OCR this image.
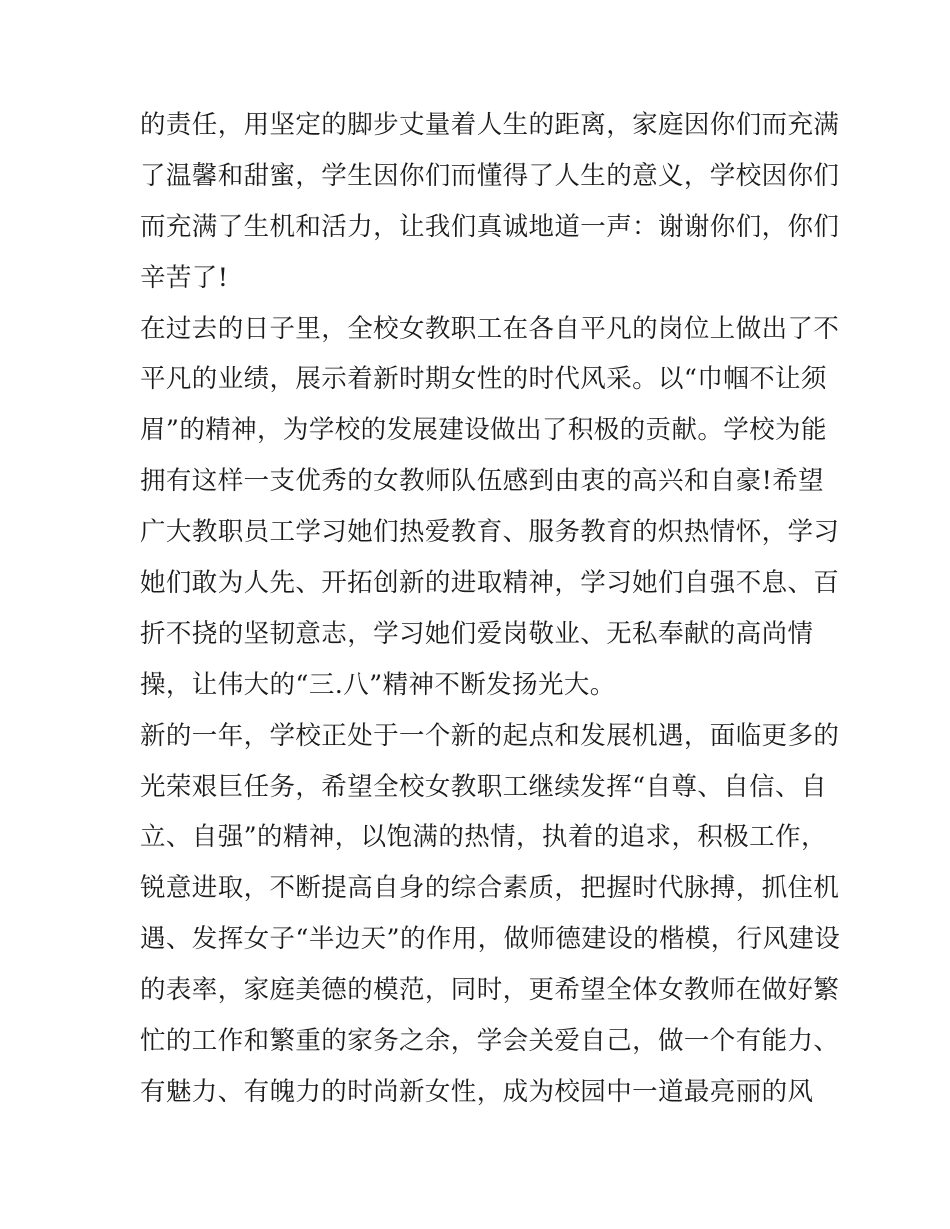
的责任，用坚定的脚步丈量着人生的距离，家庭因你们而充满
了温馨和甜蜜，学生因你们而懂得了人生的意义，学校因你们
而充满了生机和活力，让我们真诚地道一声：谢谢你们，你们
辛苦了!
在过去的日子里，全校女教职工在各自平凡的岗位上做出了不
平凡的业绩，展示着新时期女性的时代风采。以“巾帼不让须
眉”的精神，为学校的发展建设做出了积极的贡献。学校为能
拥有这样一支优秀的女教师队伍感到由衷的高兴和自豪!希望
广大教职员工学习她们热爱教育、服务教育的炽热情怀，学习
她们敢为人先、开拓创新的进取精神，学习她们自强不息、百
折不挠的坚韧意志，学习她们爱岗敬业、无私奉献的高尚情
操，让伟大的“三.八”精神不断发扬光大。
新的一年，学校正处于一个新的起点和发展机遇，面临更多的
光荣艰巨任务，希望全校女教职工继续发挥“自尊、自信、自
立、自强”的精神，以饱满的热情，执着的追求，积极工作，
锐意进取，不断提高自身的综合素质，把握时代脉搏，抓住机
遇、发挥女子“半边天”的作用，做师德建设的楷模，行风建设
的表率，家庭美德的模范，同时，更希望全体女教师在做好繁
忙的工作和繁重的家务之余，学会关爱自己，做一个有能力、
有魅力、有魄力的时尚新女性，成为校园中一道最亮丽的风
